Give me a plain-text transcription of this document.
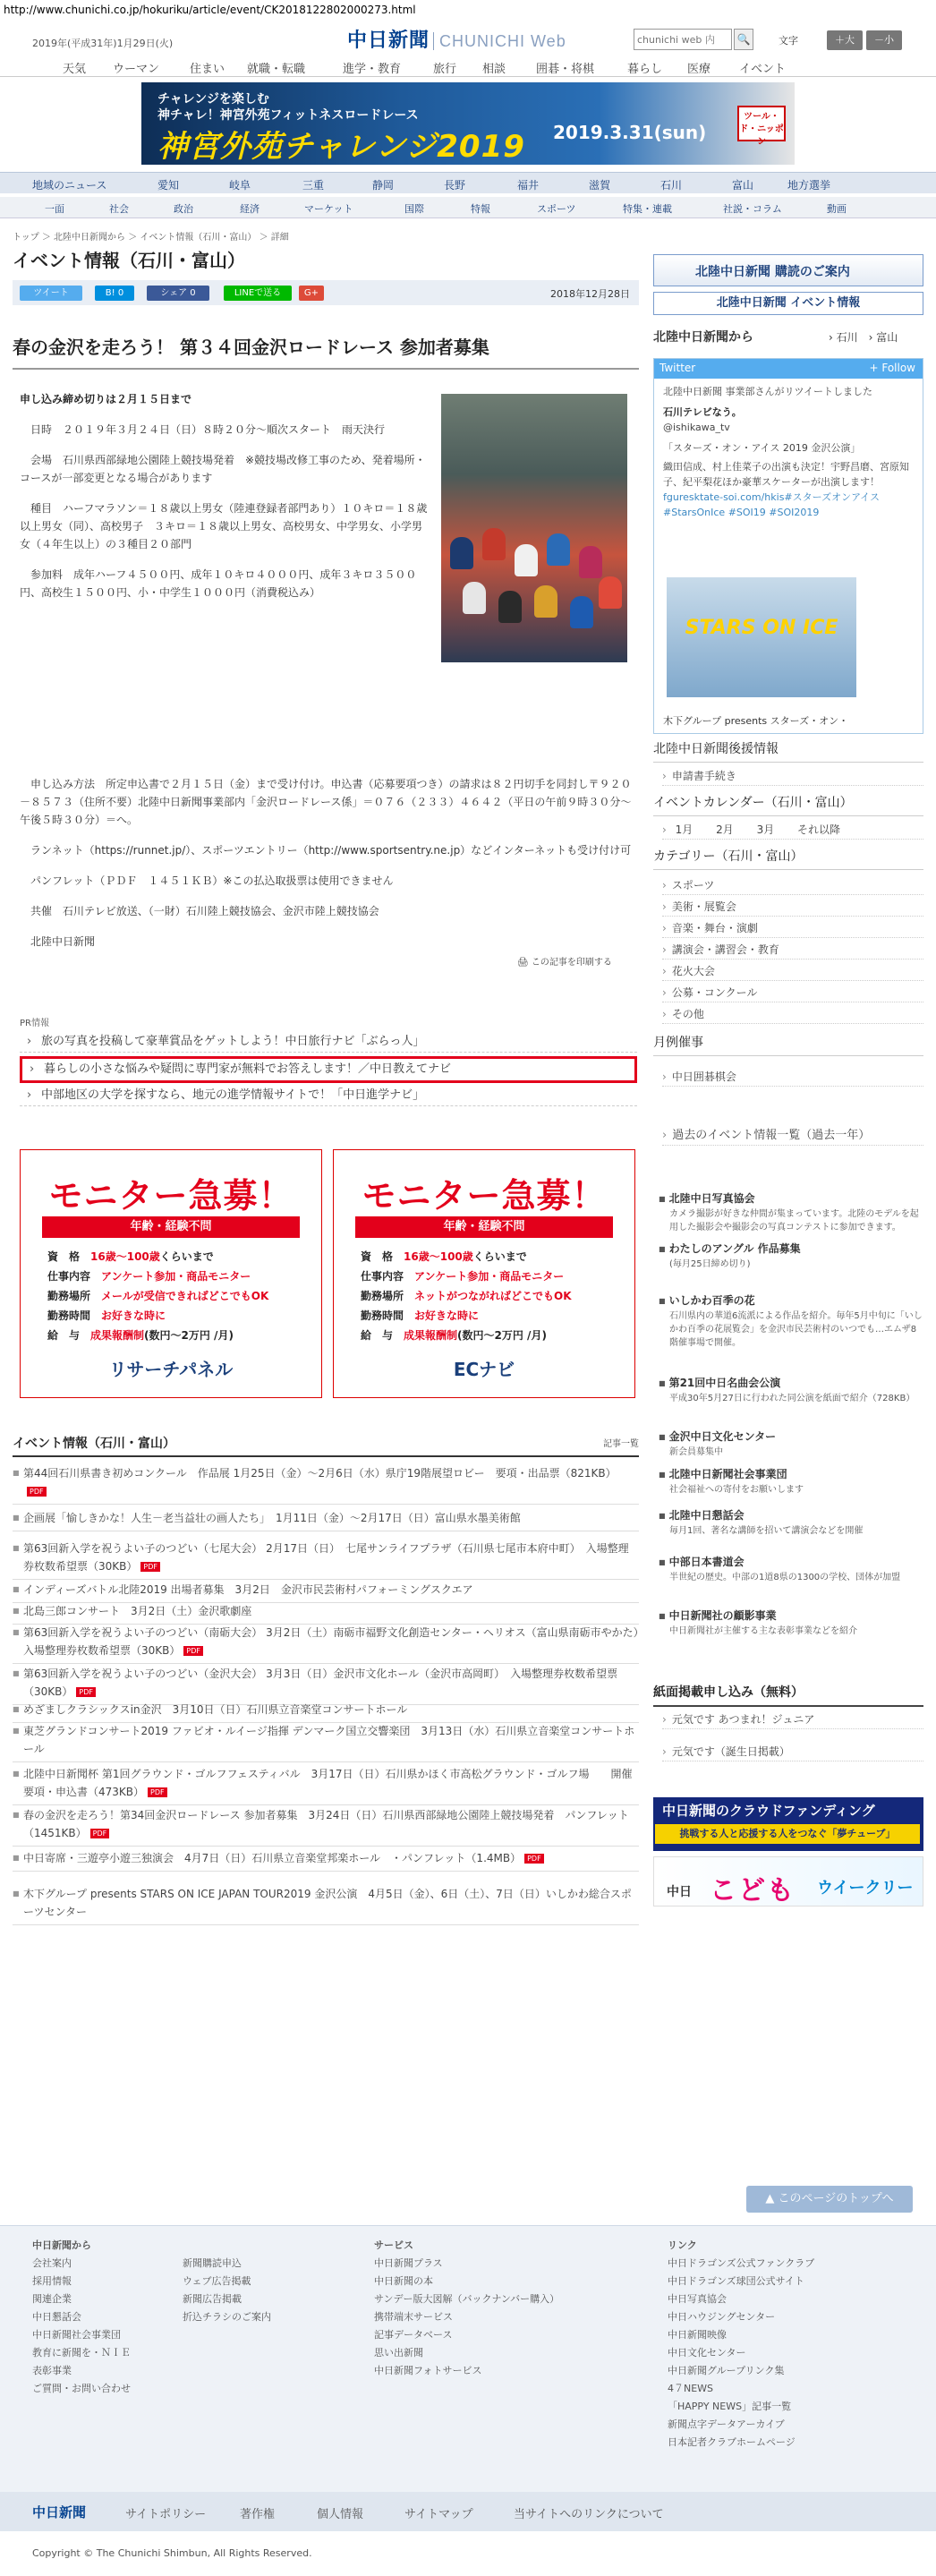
http://www.chunichi.co.jp/hokuriku/article/event/CK2018122802000273.html
2019年(平成31年)1月29日(火)	中日新聞 CHUNICHI Web
chunichi web 内	🔍	文字	＋大	－小
天気 ウーマン	住まい 就職・転職	進学・教育	旅行 相談	囲碁・将棋	暮らし 医療 イベント
チャレンジを楽しむ
神チャレ！神宮外苑フィットネスロードレース
神宮外苑チャレンジ2019 2019.3.31(sun)
ツール・ド・ニッポン
地域のニュース	愛知	岐阜	三重	静岡	長野	福井	滋賀	石川	富山	地方選挙
一面	社会	政治	経済	マーケット	国際	特報	スポーツ	特集・連載	社説・コラム	動画
トップ ＞ 北陸中日新聞から ＞ イベント情報（石川・富山） ＞ 詳細
イベント情報（石川・富山）
ツイート	B! 0	シェア 0	LINEで送る	G+	2018年12月28日
春の金沢を走ろう！ 第３４回金沢ロードレース 参加者募集

申し込み締め切りは２月１５日まで

　日時　２０１９年３月２４日（日）８時２０分～順次スタート　雨天決行

　会場　石川県西部緑地公園陸上競技場発着　※競技場改修工事のため、発着場所・コースが一部変更となる場合があります

　種目　ハーフマラソン＝１８歳以上男女（陸連登録者部門あり）１０キロ＝１８歳以上男女（同）、高校男子　３キロ＝１８歳以上男女、高校男女、中学男女、小学男女（４年生以上）の３種目２０部門

　参加料　成年ハーフ４５００円、成年１０キロ４０００円、成年３キロ３５００円、高校生１５００円、小・中学生１０００円（消費税込み）

　申し込み方法　所定申込書で２月１５日（金）まで受け付け。申込書（応募要項つき）の請求は８２円切手を同封し〒９２０－８５７３（住所不要）北陸中日新聞事業部内「金沢ロードレース係」＝０７６（２３３）４６４２（平日の午前９時３０分～午後５時３０分）＝へ。

　ランネット（https://runnet.jp/）、スポーツエントリー（http://www.sportsentry.ne.jp）などインターネットも受け付け可

　パンフレット（ＰＤＦ　１４５１ＫＢ）※この払込取扱票は使用できません

　共催　石川テレビ放送、（一財）石川陸上競技協会、金沢市陸上競技協会

　北陸中日新聞

🖨 この記事を印刷する
PR情報
› 旅の写真を投稿して豪華賞品をゲットしよう！中日旅行ナビ「ぶらっ人」
› 暮らしの小さな悩みや疑問に専門家が無料でお答えします！／中日教えてナビ
› 中部地区の大学を探すなら、地元の進学情報サイトで！「中日進学ナビ」
モニター急募！
年齢・経験不問
資　格　 16歳～100歳くらいまで
仕事内容　 アンケート参加・商品モニター
勤務場所　 メールが受信できればどこでもOK
勤務時間　 お好きな時に
給　与　 成果報酬制(数円～2万円 /月)
リサーチパネル
モニター急募！
年齢・経験不問
資　格　 16歳～100歳くらいまで
仕事内容　 アンケート参加・商品モニター
勤務場所　 ネットがつながればどこでもOK
勤務時間　 お好きな時に
給　与　 成果報酬制(数円～2万円 /月)
ECナビ
イベント情報（石川・富山）	記事一覧
■ 第44回石川県書き初めコンクール　作品展 1月25日（金）～2月6日（水）県庁19階展望ロビー　要項・出品票（821KB）PDF
■ 企画展「愉しきかな！人生－老当益壮の画人たち」　1月11日（金）～2月17日（日）富山県水墨美術館
■ 第63回新入学を祝うよい子のつどい（七尾大会） 2月17日（日）　七尾サンライフプラザ（石川県七尾市本府中町）　入場整理券枚数希望票（30KB） PDF
■ インディーズバトル北陸2019 出場者募集　3月2日　金沢市民芸術村パフォーミングスクエア
■ 北島三郎コンサート　3月2日（土）金沢歌劇座
■ 第63回新入学を祝うよい子のつどい（南砺大会） 3月2日（土）南砺市福野文化創造センター・ヘリオス（富山県南砺市やかた）　入場整理券枚数希望票（30KB） PDF
■ 第63回新入学を祝うよい子のつどい（金沢大会） 3月3日（日）金沢市文化ホール（金沢市高岡町）　入場整理券枚数希望票（30KB） PDF
■ めざましクラシックスin金沢　3月10日（日）石川県立音楽堂コンサートホール
■ 東芝グランドコンサート2019 ファビオ・ルイージ指揮 デンマーク国立交響楽団　3月13日（水）石川県立音楽堂コンサートホール
■ 北陸中日新聞杯 第1回グラウンド・ゴルフフェスティバル　3月17日（日）石川県かほく市高松グラウンド・ゴルフ場　　開催要項・申込書（473KB） PDF
■ 春の金沢を走ろう！第34回金沢ロードレース 参加者募集　3月24日（日）石川県西部緑地公園陸上競技場発着　パンフレット（1451KB） PDF
■ 中日寄席・三遊亭小遊三独演会　4月7日（日）石川県立音楽堂邦楽ホール　・パンフレット（1.4MB） PDF
■ 木下グループ presents STARS ON ICE JAPAN TOUR2019 金沢公演　4月5日（金）、6日（土）、7日（日）いしかわ総合スポーツセンター
北陸中日新聞 購読のご案内
北陸中日新聞 イベント情報
北陸中日新聞から	› 石川　› 富山
Twitter	+ Follow
北陸中日新聞 事業部さんがリツイートしました
石川テレビなう。
@ishikawa_tv
「スターズ・オン・アイス 2019 金沢公演」
織田信成、村上佳菜子の出演も決定！宇野昌磨、宮原知子、紀平梨花ほか豪華スケーターが出演します！
fguresktate-soi.com/hkis#スターズオンアイス #StarsOnIce #SOI19 #SOI2019
STARS ON ICE
木下グループ presents スターズ・オン・
北陸中日新聞後援情報
› 申請書手続き
イベントカレンダー（石川・富山）
› 1月 2月 3月 それ以降
カテゴリー（石川・富山）
› スポーツ
› 美術・展覧会
› 音楽・舞台・演劇
› 講演会・講習会・教育
› 花火大会
› 公募・コンクール
› その他
月例催事
› 中日囲碁棋会
› 過去のイベント情報一覧（過去一年）
■ 北陸中日写真協会
カメラ撮影が好きな仲間が集まっています。北陸のモデルを起用した撮影会や撮影会の写真コンテストに参加できます。
■ わたしのアングル 作品募集
(毎月25日締め切り)
■ いしかわ百季の花
石川県内の華道6流派による作品を紹介。毎年5月中旬に「いしかわ百季の花展覧会」を金沢市民芸術村のいつでも…エムザ8階催事場で開催。
■ 第21回中日名曲会公演
平成30年5月27日に行われた同公演を紙面で紹介（728KB）
■ 金沢中日文化センター
新会員募集中
■ 北陸中日新聞社会事業団
社会福祉への寄付をお願いします
■ 北陸中日懇話会
毎月1回、著名な講師を招いて講演会などを開催
■ 中部日本書道会
半世紀の歴史。中部の1道8県の1300の学校、団体が加盟
■ 中日新聞社の顧影事業
中日新聞社が主催する主な表彰事業などを紹介
紙面掲載申し込み（無料）
› 元気です あつまれ！ジュニア
› 元気です（誕生日掲載）
中日新聞のクラウドファンディング
挑戦する人と応援する人をつなぐ「夢チューブ」
中日 こども ウイークリー
▲ このページのトップへ
中日新聞から
会社案内
採用情報
関連企業
中日懇話会
中日新聞社会事業団
教育に新聞を・ＮＩＥ
表彰事業
ご質問・お問い合わせ
新聞購読申込
ウェブ広告掲載
新聞広告掲載
折込チラシのご案内
サービス
中日新聞プラス
中日新聞の本
サンデー版大図解（バックナンバー購入）
携帯端末サービス
記事データベース
思い出新聞
中日新聞フォトサービス
リンク
中日ドラゴンズ公式ファンクラブ
中日ドラゴンズ球団公式サイト
中日写真協会
中日ハウジングセンター
中日新聞映像
中日文化センター
中日新聞グループリンク集
4７NEWS
「HAPPY NEWS」記事一覧
新聞点字データアーカイブ
日本記者クラブホームページ
中日新聞	サイトポリシー	著作権	個人情報	サイトマップ	当サイトへのリンクについて
Copyright © The Chunichi Shimbun, All Rights Reserved.
